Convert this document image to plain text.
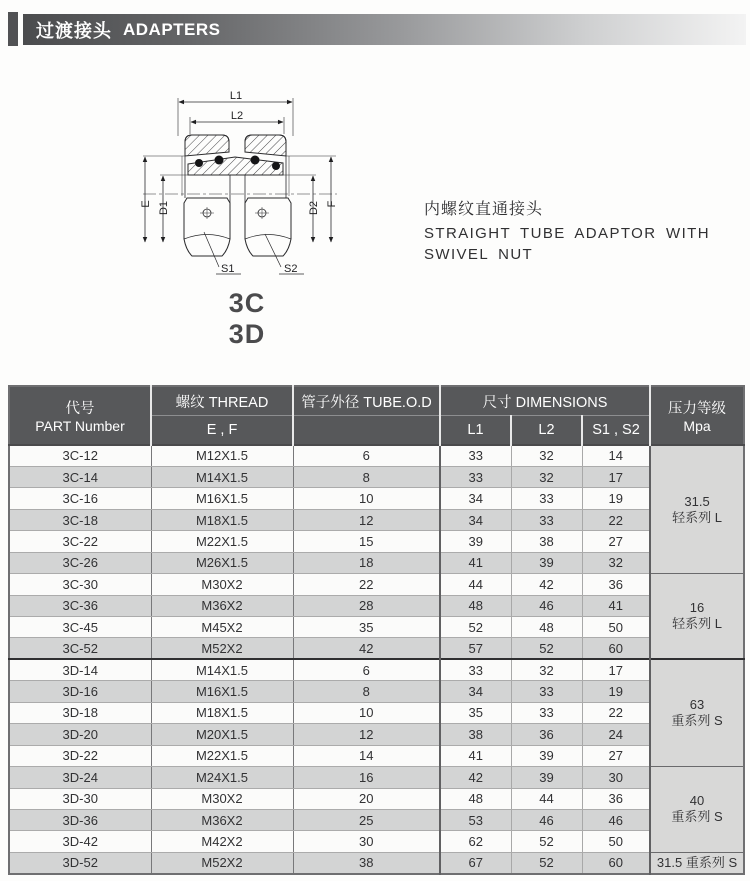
过渡接头 ADAPTERS
L1
L2
E D1	D2 F
S1	S2
3C
3D
内螺纹直通接头
STRAIGHT TUBE ADAPTOR WITH
SWIVEL NUT
代号
PART Number
	螺纹 THREAD	管子外径 TUBE.O.D	尺寸 DIMENSIONS	压力等级
Mpa

	E , F		L1	L2	S1 , S2	
3C-12	M12X1.5	6	33	32	14	31.5
轻系列 L

3C-14	M14X1.5	8	33	32	17	
3C-16	M16X1.5	10	34	33	19	
3C-18	M18X1.5	12	34	33	22	
3C-22	M22X1.5	15	39	38	27	
3C-26	M26X1.5	18	41	39	32	
3C-30	M30X2	22	44	42	36	16
轻系列 L

3C-36	M36X2	28	48	46	41	
3C-45	M45X2	35	52	48	50	
3C-52	M52X2	42	57	52	60	
3D-14	M14X1.5	6	33	32	17	63
重系列 S

3D-16	M16X1.5	8	34	33	19	
3D-18	M18X1.5	10	35	33	22	
3D-20	M20X1.5	12	38	36	24	
3D-22	M22X1.5	14	41	39	27	
3D-24	M24X1.5	16	42	39	30	40
重系列 S

3D-30	M30X2	20	48	44	36	
3D-36	M36X2	25	53	46	46	
3D-42	M42X2	30	62	52	50	
3D-52	M52X2	38	67	52	60	31.5 重系列 S
